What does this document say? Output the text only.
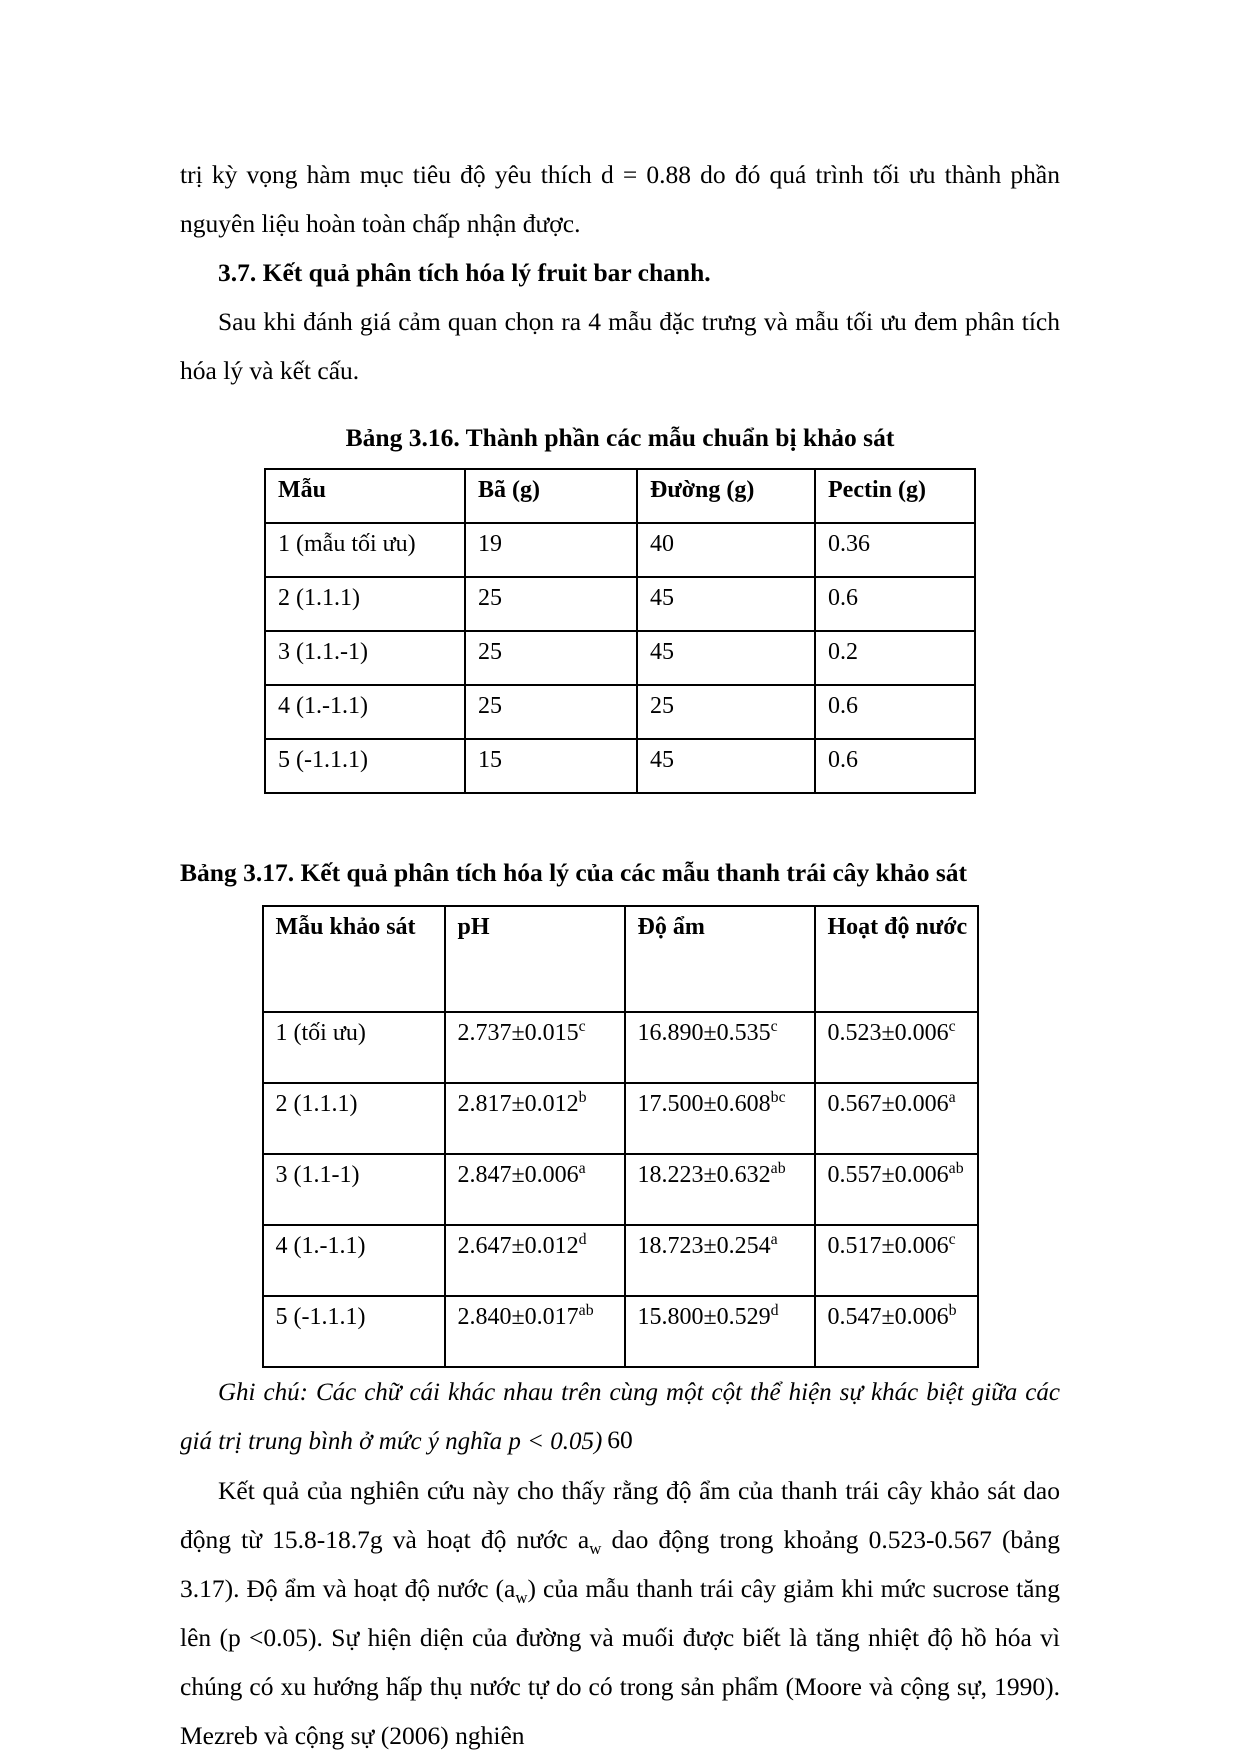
trị kỳ vọng hàm mục tiêu độ yêu thích d = 0.88 do đó quá trình tối ưu thành phần nguyên liệu hoàn toàn chấp nhận được.

3.7. Kết quả phân tích hóa lý fruit bar chanh.

Sau khi đánh giá cảm quan chọn ra 4 mẫu đặc trưng và mẫu tối ưu đem phân tích hóa lý và kết cấu.

Bảng 3.16. Thành phần các mẫu chuẩn bị khảo sát

Mẫu	Bã (g)	Đường (g)	Pectin (g)
1 (mẫu tối ưu)	19	40	0.36
2 (1.1.1)	25	45	0.6
3 (1.1.-1)	25	45	0.2
4 (1.-1.1)	25	25	0.6
5 (-1.1.1)	15	45	0.6

Bảng 3.17. Kết quả phân tích hóa lý của các mẫu thanh trái cây khảo sát

Mẫu khảo sát	pH	Độ ẩm	Hoạt độ nước
1 (tối ưu)	2.737±0.015$^c$	16.890±0.535$^c$	0.523±0.006$^c$
2 (1.1.1)	2.817±0.012$^b$	17.500±0.608$^{bc}$	0.567±0.006$^a$
3 (1.1-1)	2.847±0.006$^a$	18.223±0.632$^{ab}$	0.557±0.006$^{ab}$
4 (1.-1.1)	2.647±0.012$^d$	18.723±0.254$^a$	0.517±0.006$^c$
5 (-1.1.1)	2.840±0.017$^{ab}$	15.800±0.529$^d$	0.547±0.006$^b$

Ghi chú: Các chữ cái khác nhau trên cùng một cột thể hiện sự khác biệt giữa các giá trị trung bình ở mức ý nghĩa p < 0.05)

Kết quả của nghiên cứu này cho thấy rằng độ ẩm của thanh trái cây khảo sát dao động từ 15.8-18.7g và hoạt độ nước $a_w$ dao động trong khoảng 0.523-0.567 (bảng 3.17). Độ ẩm và hoạt độ nước $(a_w)$ của mẫu thanh trái cây giảm khi mức sucrose tăng lên (p <0.05). Sự hiện diện của đường và muối được biết là tăng nhiệt độ hồ hóa vì chúng có xu hướng hấp thụ nước tự do có trong sản phẩm (Moore và cộng sự, 1990). Mezreb và cộng sự (2006) nghiên

60
